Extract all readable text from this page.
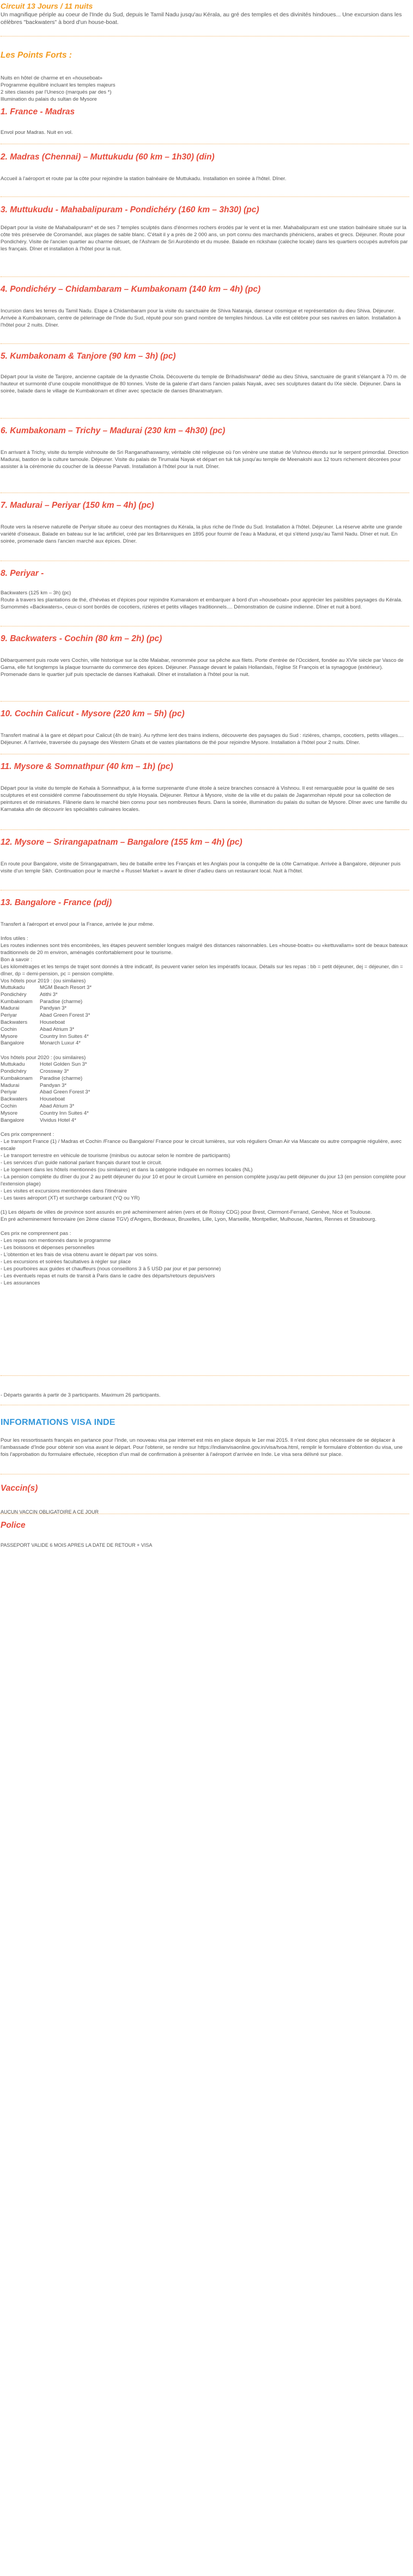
Circuit 13 Jours / 11 nuits

Un magnifique périple au coeur de l'Inde du Sud, depuis le Tamil Nadu jusqu'au Kérala, au gré des temples et des divinités hindoues... Une excursion dans les célèbres "backwaters" à bord d'un house-boat.

Les Points Forts :

Nuits en hôtel de charme et en «houseboat»

Programme équilibré incluant les temples majeurs

2 sites classés par l'Unesco (marqués par des *)

Illumination du palais du sultan de Mysore

1. France - Madras

Envol pour Madras. Nuit en vol.

2. Madras (Chennai) – Muttukudu (60 km – 1h30) (din)

Accueil à l'aéroport et route par la côte pour rejoindre la station balnéaire de Muttukadu. Installation en soirée à l'hôtel. Dîner.

3. Muttukudu - Mahabalipuram - Pondichéry (160 km – 3h30) (pc)

Départ pour la visite de Mahabalipuram* et de ses 7 temples sculptés dans d'énormes rochers érodés par le vent et la mer. Mahabalipuram est une station balnéaire située sur la côte très préservée de Coromandel, aux plages de sable blanc. C'était il y a près de 2 000 ans, un port connu des marchands phéniciens, arabes et grecs. Déjeuner. Route pour Pondichéry. Visite de l'ancien quartier au charme désuet, de l'Ashram de Sri Aurobindo et du musée. Balade en rickshaw (calèche locale) dans les quartiers occupés autrefois par les français. Dîner et installation à l'hôtel pour la nuit.

4. Pondichéry – Chidambaram – Kumbakonam (140 km – 4h) (pc)

Incursion dans les terres du Tamil Nadu. Etape à Chidambaram pour la visite du sanctuaire de Shiva Nataraja, danseur cosmique et représentation du dieu Shiva. Déjeuner. Arrivée à Kumbakonam, centre de pèlerinage de l'Inde du Sud, réputé pour son grand nombre de temples hindous. La ville est célèbre pour ses navires en laiton. Installation à l'hôtel pour 2 nuits. Dîner.

5. Kumbakonam & Tanjore (90 km – 3h) (pc)

Départ pour la visite de Tanjore, ancienne capitale de la dynastie Chola. Découverte du temple de Brihadishwara* dédié au dieu Shiva, sanctuaire de granit s'élançant à 70 m. de hauteur et surmonté d'une coupole monolithique de 80 tonnes. Visite de la galerie d'art dans l'ancien palais Nayak, avec ses sculptures datant du IXe siècle. Déjeuner. Dans la soirée, balade dans le village de Kumbakonam et dîner avec spectacle de danses Bharatnatyam.

6. Kumbakonam – Trichy – Madurai (230 km – 4h30) (pc)

En arrivant à Trichy, visite du temple vishnouite de Sri Ranganathaswamy, véritable cité religieuse où l'on vénère une statue de Vishnou étendu sur le serpent primordial. Direction Madurai, bastion de la culture tamoule. Déjeuner. Visite du palais de Tirumalai Nayak et départ en tuk tuk jusqu'au temple de Meenakshi aux 12 tours richement décorées pour assister à la cérémonie du coucher de la déesse Parvati. Installation à l'hôtel pour la nuit. Dîner.

7. Madurai – Periyar (150 km – 4h) (pc)

Route vers la réserve naturelle de Periyar située au coeur des montagnes du Kérala, la plus riche de l'Inde du Sud. Installation à l'hôtel. Déjeuner. La réserve abrite une grande variété d'oiseaux. Balade en bateau sur le lac artificiel, créé par les Britanniques en 1895 pour fournir de l'eau à Madurai, et qui s'étend jusqu'au Tamil Nadu. Dîner et nuit. En soirée, promenade dans l'ancien marché aux épices. Dîner.

8. Periyar -

Backwaters (125 km – 3h) (pc)

Route à travers les plantations de thé, d'hévéas et d'épices pour rejoindre Kumarakom et embarquer à bord d'un «houseboat» pour apprécier les paisibles paysages du Kérala. Surnommés «Backwaters», ceux-ci sont bordés de cocotiers, rizières et petits villages traditionnels.... Démonstration de cuisine indienne. Dîner et nuit à bord.

9. Backwaters - Cochin (80 km – 2h) (pc)

Débarquement puis route vers Cochin, ville historique sur la côte Malabar, renommée pour sa pêche aux filets. Porte d'entrée de l'Occident, fondée au XVIe siècle par Vasco de Gama, elle fut longtemps la plaque tournante du commerce des épices. Déjeuner. Passage devant le palais Hollandais, l'église St François et la synagogue (extérieur). Promenade dans le quartier juif puis spectacle de danses Kathakali. Dîner et installation à l'hôtel pour la nuit.

10. Cochin Calicut - Mysore (220 km – 5h) (pc)

Transfert matinal à la gare et départ pour Calicut (4h de train). Au rythme lent des trains indiens, découverte des paysages du Sud : rizières, champs, cocotiers, petits villages.... Déjeuner. A l'arrivée, traversée du paysage des Western Ghats et de vastes plantations de thé pour rejoindre Mysore. Installation à l'hôtel pour 2 nuits. Dîner.

11. Mysore & Somnathpur (40 km – 1h) (pc)

Départ pour la visite du temple de Kehala à Somnathpur, à la forme surprenante d'une étoile à seize branches consacré à Vishnou. Il est remarquable pour la qualité de ses sculptures et est considéré comme l'aboutissement du style Hoysala. Déjeuner. Retour à Mysore, visite de la ville et du palais de Jaganmohan réputé pour sa collection de peintures et de miniatures. Flânerie dans le marché bien connu pour ses nombreuses fleurs. Dans la soirée, illumination du palais du sultan de Mysore. Dîner avec une famille du Karnataka afin de découvrir les spécialités culinaires locales.

12. Mysore – Srirangapatnam – Bangalore (155 km – 4h) (pc)

En route pour Bangalore, visite de Srirangapatnam, lieu de bataille entre les Français et les Anglais pour la conquête de la côte Carnatique. Arrivée à Bangalore, déjeuner puis visite d'un temple Sikh. Continuation pour le marché « Russel Market » avant le dîner d'adieu dans un restaurant local. Nuit à l'hôtel.

13. Bangalore - France (pdj)

Transfert à l'aéroport et envol pour la France, arrivée le jour même.

Infos utiles :

Les routes indiennes sont très encombrées, les étapes peuvent sembler longues malgré des distances raisonnables. Les «house-boats» ou «kettuvallam» sont de beaux bateaux traditionnels de 20 m environ, aménagés confortablement pour le tourisme.

Bon à savoir :

Les kilométrages et les temps de trajet sont donnés à titre indicatif, ils peuvent varier selon les impératifs locaux. Détails sur les repas : bb = petit déjeuner, dej = déjeuner, din = dîner, dp = demi-pension, pc = pension complète.

Vos hôtels pour 2019 : (ou similaires)

Muttukadu	MGM Beach Resort 3*
Pondichéry	Atithi 3*
Kumbakonam	Paradise (charme)
Madurai	Pandyan 3*
Periyar	Abad Green Forest 3*
Backwaters	Houseboat
Cochin	Abad Atrium 3*
Mysore	Country Inn Suites 4*
Bangalore	Monarch Luxur 4*

Vos hôtels pour 2020 : (ou similaires)

Muttukadu	Hotel Golden Sun 3*
Pondichéry	Crossway 3*
Kumbakonam	Paradise (charme)
Madurai	Pandyan 3*
Periyar	Abad Green Forest 3*
Backwaters	Houseboat
Cochin	Abad Atrium 3*
Mysore	Country Inn Suites 4*
Bangalore	Vividus Hotel 4*

Ces prix comprennent :

- Le transport France (1) / Madras et Cochin /France ou Bangalore/ France pour le circuit lumières, sur vols réguliers Oman Air via Mascate ou autre compagnie régulière, avec escale

- Le transport terrestre en véhicule de tourisme (minibus ou autocar selon le nombre de participants)

- Les services d'un guide national parlant français durant tout le circuit.

- Le logement dans les hôtels mentionnés (ou similaires) et dans la catégorie indiquée en normes locales (NL)

- La pension complète du dîner du jour 2 au petit déjeuner du jour 10 et pour le circuit Lumière en pension complète jusqu'au petit déjeuner du jour 13 (en pension complète pour l'extension plage)

- Les visites et excursions mentionnées dans l'itinéraire

- Les taxes aéroport (XT) et surcharge carburant (YQ ou YR)

(1) Les départs de villes de province sont assurés en pré acheminement aérien (vers et de Roissy CDG) pour Brest, Clermont-Ferrand, Genève, Nice et Toulouse.

En pré acheminement ferroviaire (en 2ème classe TGV) d'Angers, Bordeaux, Bruxelles, Lille, Lyon, Marseille, Montpellier, Mulhouse, Nantes, Rennes et Strasbourg.

Ces prix ne comprennent pas :

- Les repas non mentionnés dans le programme

- Les boissons et dépenses personnelles

- L'obtention et les frais de visa obtenu avant le départ par vos soins.

- Les excursions et soirées facultatives à régler sur place

- Les pourboires aux guides et chauffeurs (nous conseillons 3 à 5 USD par jour et par personne)

- Les éventuels repas et nuits de transit à Paris dans le cadre des départs/retours depuis/vers

- Les assurances

- Départs garantis à partir de 3 participants. Maximum 26 participants.

INFORMATIONS VISA INDE

Pour les ressortissants français en partance pour l'Inde, un nouveau visa par internet est mis en place depuis le 1er mai 2015. Il n'est donc plus nécessaire de se déplacer à l'ambassade d'Inde pour obtenir son visa avant le départ. Pour l'obtenir, se rendre sur https://indianvisaonline.gov.in/visa/tvoa.html, remplir le formulaire d'obtention du visa, une fois l'approbation du formulaire effectuée, réception d'un mail de confirmation à présenter à l'aéroport d'arrivée en Inde. Le visa sera délivré sur place.

Vaccin(s)

AUCUN VACCIN OBLIGATOIRE A CE JOUR

Police

PASSEPORT VALIDE 6 MOIS APRES LA DATE DE RETOUR + VISA
